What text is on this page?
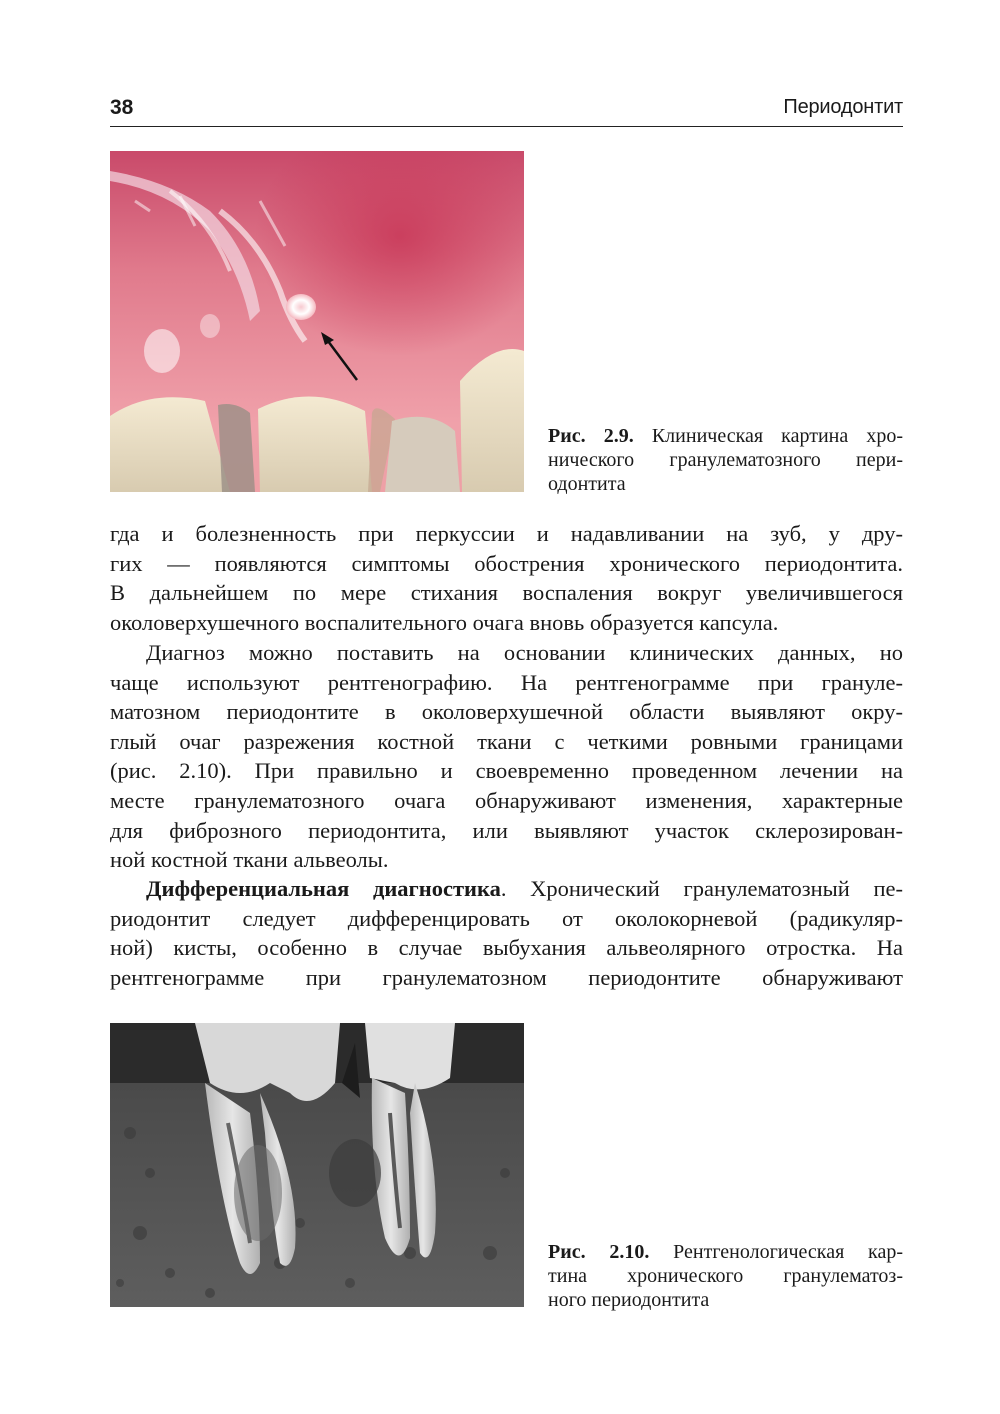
38	Периодонтит
Рис. 2.9. Клиническая картина хро-
нического гранулематозного пери-
одонтита
гда и болезненность при перкуссии и надавливании на зуб, у дру-
гих — появляются симптомы обострения хронического периодонтита.
В дальнейшем по мере стихания воспаления вокруг увеличившегося
околоверхушечного воспалительного очага вновь образуется капсула.
Диагноз можно поставить на основании клинических данных, но
чаще используют рентгенографию. На рентгенограмме при грануле-
матозном периодонтите в околоверхушечной области выявляют окру-
глый очаг разрежения костной ткани с четкими ровными границами
(рис. 2.10). При правильно и своевременно проведенном лечении на
месте гранулематозного очага обнаруживают изменения, характерные
для фиброзного периодонтита, или выявляют участок склерозирован-
ной костной ткани альвеолы.
Дифференциальная диагностика. Хронический гранулематозный пе-
риодонтит следует дифференцировать от околокорневой (радикуляр-
ной) кисты, особенно в случае выбухания альвеолярного отростка. На
рентгенограмме при гранулематозном периодонтите обнаруживают
Рис. 2.10. Рентгенологическая кар-
тина хронического гранулематоз-
ного периодонтита
